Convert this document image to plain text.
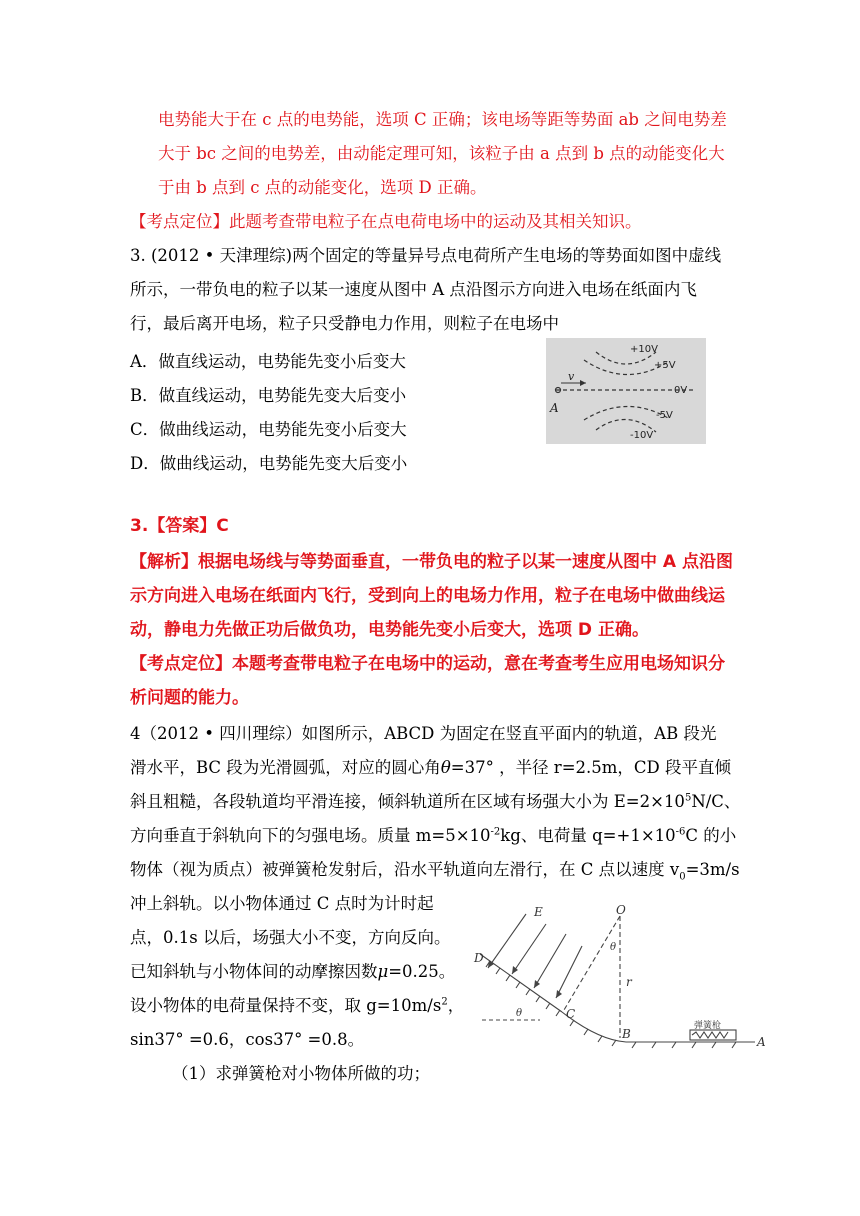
电势能大于在 c 点的电势能，选项 C 正确；该电场等距等势面 ab 之间电势差
大于 bc 之间的电势差，由动能定理可知，该粒子由 a 点到 b 点的动能变化大
于由 b 点到 c 点的动能变化，选项 D 正确。
【考点定位】此题考查带电粒子在点电荷电场中的运动及其相关知识。
3. (2012 • 天津理综)两个固定的等量异号点电荷所产生电场的等势面如图中虚线
所示，一带负电的粒子以某一速度从图中 A 点沿图示方向进入电场在纸面内飞
行，最后离开电场，粒子只受静电力作用，则粒子在电场中
A．做直线运动，电势能先变小后变大
B．做直线运动，电势能先变大后变小
C．做曲线运动，电势能先变小后变大
D．做曲线运动，电势能先变大后变小
v
A
+10V
+5V
0V
-5V
-10V
3.【答案】C
【解析】根据电场线与等势面垂直，一带负电的粒子以某一速度从图中 A 点沿图
示方向进入电场在纸面内飞行，受到向上的电场力作用，粒子在电场中做曲线运
动，静电力先做正功后做负功，电势能先变小后变大，选项 D 正确。
【考点定位】本题考查带电粒子在电场中的运动，意在考查考生应用电场知识分
析问题的能力。
4（2012 • 四川理综）如图所示，ABCD 为固定在竖直平面内的轨道，AB 段光
滑水平，BC 段为光滑圆弧，对应的圆心角θ=37° ，半径 r=2.5m，CD 段平直倾
斜且粗糙，各段轨道均平滑连接，倾斜轨道所在区域有场强大小为 $E=2\times 10^5N/C$、
方向垂直于斜轨向下的匀强电场。质量 $m=5\times 10^{-2}kg$、电荷量 $q=+1\times 10^{-6}C$ 的小
物体（视为质点）被弹簧枪发射后，沿水平轨道向左滑行，在 C 点以速度 $v_0=3m/s$
冲上斜轨。以小物体通过 C 点时为计时起
点，0.1s 以后，场强大小不变，方向反向。
已知斜轨与小物体间的动摩擦因数μ=0.25。
设小物体的电荷量保持不变，取 $g=10m/s^2$，
sin37° =0.6，cos37° =0.8。
（1）求弹簧枪对小物体所做的功；
E	O
D
C
B
A
r
θ
θ
弹簧枪
